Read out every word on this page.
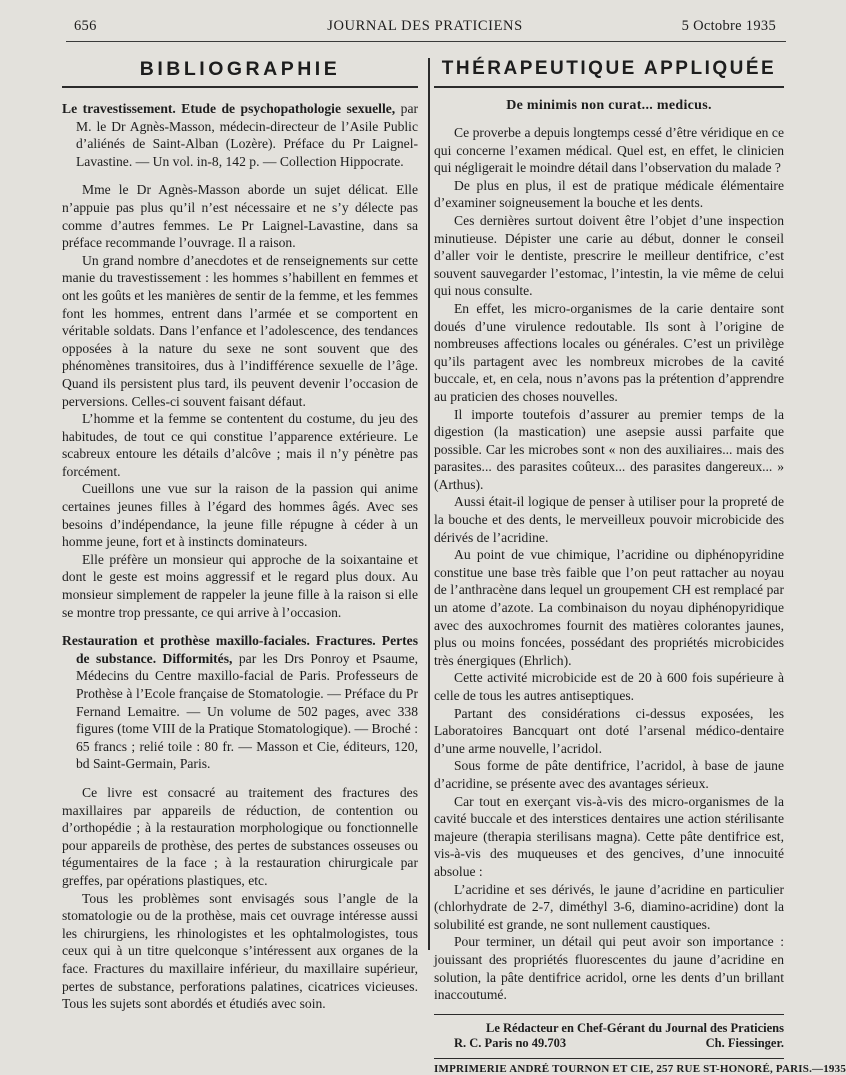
656	JOURNAL DES PRATICIENS	5 Octobre 1935
BIBLIOGRAPHIE

Le travestissement. Etude de psychopathologie sexuelle, par M. le Dr Agnès-Masson, médecin-directeur de l’Asile Public d’aliénés de Saint-Alban (Lozère). Préface du Pr Laignel-Lavastine. — Un vol. in-8, 142 p. — Collection Hippocrate.

Mme le Dr Agnès-Masson aborde un sujet délicat. Elle n’appuie pas plus qu’il n’est nécessaire et ne s’y délecte pas comme d’autres femmes. Le Pr Laignel-Lavastine, dans sa préface recommande l’ouvrage. Il a raison.

Un grand nombre d’anecdotes et de renseignements sur cette manie du travestissement : les hommes s’habillent en femmes et ont les goûts et les manières de sentir de la femme, et les femmes font les hommes, entrent dans l’armée et se comportent en véritable soldats. Dans l’enfance et l’adolescence, des tendances opposées à la nature du sexe ne sont souvent que des phénomènes transitoires, dus à l’indifférence sexuelle de l’âge. Quand ils persistent plus tard, ils peuvent devenir l’occasion de perversions. Celles-ci souvent faisant défaut.

L’homme et la femme se contentent du costume, du jeu des habitudes, de tout ce qui constitue l’apparence extérieure. Le scabreux entoure les détails d’alcôve ; mais il n’y pénètre pas forcément.

Cueillons une vue sur la raison de la passion qui anime certaines jeunes filles à l’égard des hommes âgés. Avec ses besoins d’indépendance, la jeune fille répugne à céder à un homme jeune, fort et à instincts dominateurs.

Elle préfère un monsieur qui approche de la soixantaine et dont le geste est moins aggressif et le regard plus doux. Au monsieur simplement de rappeler la jeune fille à la raison si elle se montre trop pressante, ce qui arrive à l’occasion.

Restauration et prothèse maxillo-faciales. Fractures. Pertes de substance. Difformités, par les Drs Ponroy et Psaume, Médecins du Centre maxillo-facial de Paris. Professeurs de Prothèse à l’Ecole française de Stomatologie. — Préface du Pr Fernand Lemaitre. — Un volume de 502 pages, avec 338 figures (tome VIII de la Pratique Stomatologique). — Broché : 65 francs ; relié toile : 80 fr. — Masson et Cie, éditeurs, 120, bd Saint-Germain, Paris.

Ce livre est consacré au traitement des fractures des maxillaires par appareils de réduction, de contention ou d’orthopédie ; à la restauration morphologique ou fonctionnelle pour appareils de prothèse, des pertes de substances osseuses ou tégumentaires de la face ; à la restauration chirurgicale par greffes, par opérations plastiques, etc.

Tous les problèmes sont envisagés sous l’angle de la stomatologie ou de la prothèse, mais cet ouvrage intéresse aussi les chirurgiens, les rhinologistes et les ophtalmologistes, tous ceux qui à un titre quelconque s’intéressent aux organes de la face. Fractures du maxillaire inférieur, du maxillaire supérieur, pertes de substance, perforations palatines, cicatrices vicieuses. Tous les sujets sont abordés et étudiés avec soin.

THÉRAPEUTIQUE APPLIQUÉE
De minimis non curat... medicus.

Ce proverbe a depuis longtemps cessé d’être véridique en ce qui concerne l’examen médical. Quel est, en effet, le clinicien qui négligerait le moindre détail dans l’observation du malade ?

De plus en plus, il est de pratique médicale élémentaire d’examiner soigneusement la bouche et les dents.

Ces dernières surtout doivent être l’objet d’une inspection minutieuse. Dépister une carie au début, donner le conseil d’aller voir le dentiste, prescrire le meilleur dentifrice, c’est souvent sauvegarder l’estomac, l’intestin, la vie même de celui qui nous consulte.

En effet, les micro-organismes de la carie dentaire sont doués d’une virulence redoutable. Ils sont à l’origine de nombreuses affections locales ou générales. C’est un privilège qu’ils partagent avec les nombreux microbes de la cavité buccale, et, en cela, nous n’avons pas la prétention d’apprendre au praticien des choses nouvelles.

Il importe toutefois d’assurer au premier temps de la digestion (la mastication) une asepsie aussi parfaite que possible. Car les microbes sont « non des auxiliaires... mais des parasites... des parasites coûteux... des parasites dangereux... » (Arthus).

Aussi était-il logique de penser à utiliser pour la propreté de la bouche et des dents, le merveilleux pouvoir microbicide des dérivés de l’acridine.

Au point de vue chimique, l’acridine ou diphénopyridine constitue une base très faible que l’on peut rattacher au noyau de l’anthracène dans lequel un groupement CH est remplacé par un atome d’azote. La combinaison du noyau diphénopyridique avec des auxochromes fournit des matières colorantes jaunes, plus ou moins foncées, possédant des propriétés microbicides très énergiques (Ehrlich).

Cette activité microbicide est de 20 à 600 fois supérieure à celle de tous les autres antiseptiques.

Partant des considérations ci-dessus exposées, les Laboratoires Bancquart ont doté l’arsenal médico-dentaire d’une arme nouvelle, l’acridol.

Sous forme de pâte dentifrice, l’acridol, à base de jaune d’acridine, se présente avec des avantages sérieux.

Car tout en exerçant vis-à-vis des micro-organismes de la cavité buccale et des interstices dentaires une action stérilisante majeure (therapia sterilisans magna). Cette pâte dentifrice est, vis-à-vis des muqueuses et des gencives, d’une innocuité absolue :

L’acridine et ses dérivés, le jaune d’acridine en particulier (chlorhydrate de 2-7, diméthyl 3-6, diamino-acridine) dont la solubilité est grande, ne sont nullement caustiques.

Pour terminer, un détail qui peut avoir son importance : jouissant des propriétés fluorescentes du jaune d’acridine en solution, la pâte dentifrice acridol, orne les dents d’un brillant inaccoutumé.

Le Rédacteur en Chef-Gérant du Journal des Praticiens
R. C. Paris no 49.703	Ch. Fiessinger.
IMPRIMERIE ANDRÉ TOURNON ET CIE, 257 RUE ST-HONORÉ, PARIS.—1935
